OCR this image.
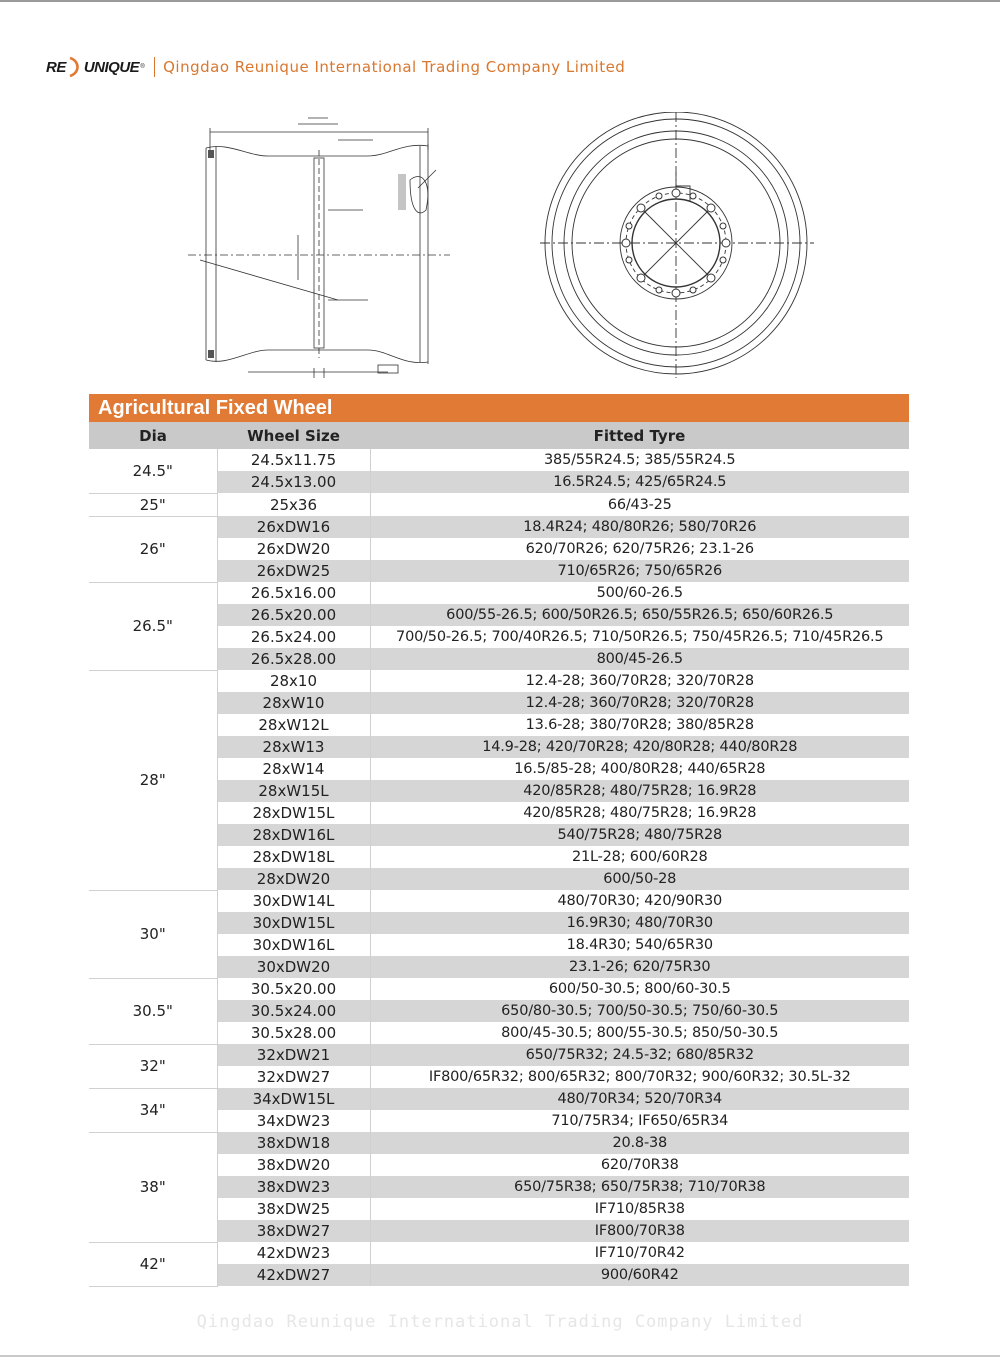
RE UNIQUE ® Qingdao Reunique International Trading Company Limited
Agricultural Fixed Wheel
Dia	Wheel Size	Fitted Tyre
24.5"	24.5x11.75	385/55R24.5; 385/55R24.5
	24.5x13.00	16.5R24.5; 425/65R24.5
25"	25x36	66/43-25
26"	26xDW16	18.4R24; 480/80R26; 580/70R26
	26xDW20	620/70R26; 620/75R26; 23.1-26
	26xDW25	710/65R26; 750/65R26
26.5"	26.5x16.00	500/60-26.5
	26.5x20.00	600/55-26.5; 600/50R26.5; 650/55R26.5; 650/60R26.5
	26.5x24.00	700/50-26.5; 700/40R26.5; 710/50R26.5; 750/45R26.5; 710/45R26.5
	26.5x28.00	800/45-26.5
28"	28x10	12.4-28; 360/70R28; 320/70R28
	28xW10	12.4-28; 360/70R28; 320/70R28
	28xW12L	13.6-28; 380/70R28; 380/85R28
	28xW13	14.9-28; 420/70R28; 420/80R28; 440/80R28
	28xW14	16.5/85-28; 400/80R28; 440/65R28
	28xW15L	420/85R28; 480/75R28; 16.9R28
	28xDW15L	420/85R28; 480/75R28; 16.9R28
	28xDW16L	540/75R28; 480/75R28
	28xDW18L	21L-28; 600/60R28
	28xDW20	600/50-28
30"	30xDW14L	480/70R30; 420/90R30
	30xDW15L	16.9R30; 480/70R30
	30xDW16L	18.4R30; 540/65R30
	30xDW20	23.1-26; 620/75R30
30.5"	30.5x20.00	600/50-30.5; 800/60-30.5
	30.5x24.00	650/80-30.5; 700/50-30.5; 750/60-30.5
	30.5x28.00	800/45-30.5; 800/55-30.5; 850/50-30.5
32"	32xDW21	650/75R32; 24.5-32; 680/85R32
	32xDW27	IF800/65R32; 800/65R32; 800/70R32; 900/60R32; 30.5L-32
34"	34xDW15L	480/70R34; 520/70R34
	34xDW23	710/75R34; IF650/65R34
38"	38xDW18	20.8-38
	38xDW20	620/70R38
	38xDW23	650/75R38; 650/75R38; 710/70R38
	38xDW25	IF710/85R38
	38xDW27	IF800/70R38
42"	42xDW23	IF710/70R42
	42xDW27	900/60R42
Qingdao Reunique International Trading Company Limited
